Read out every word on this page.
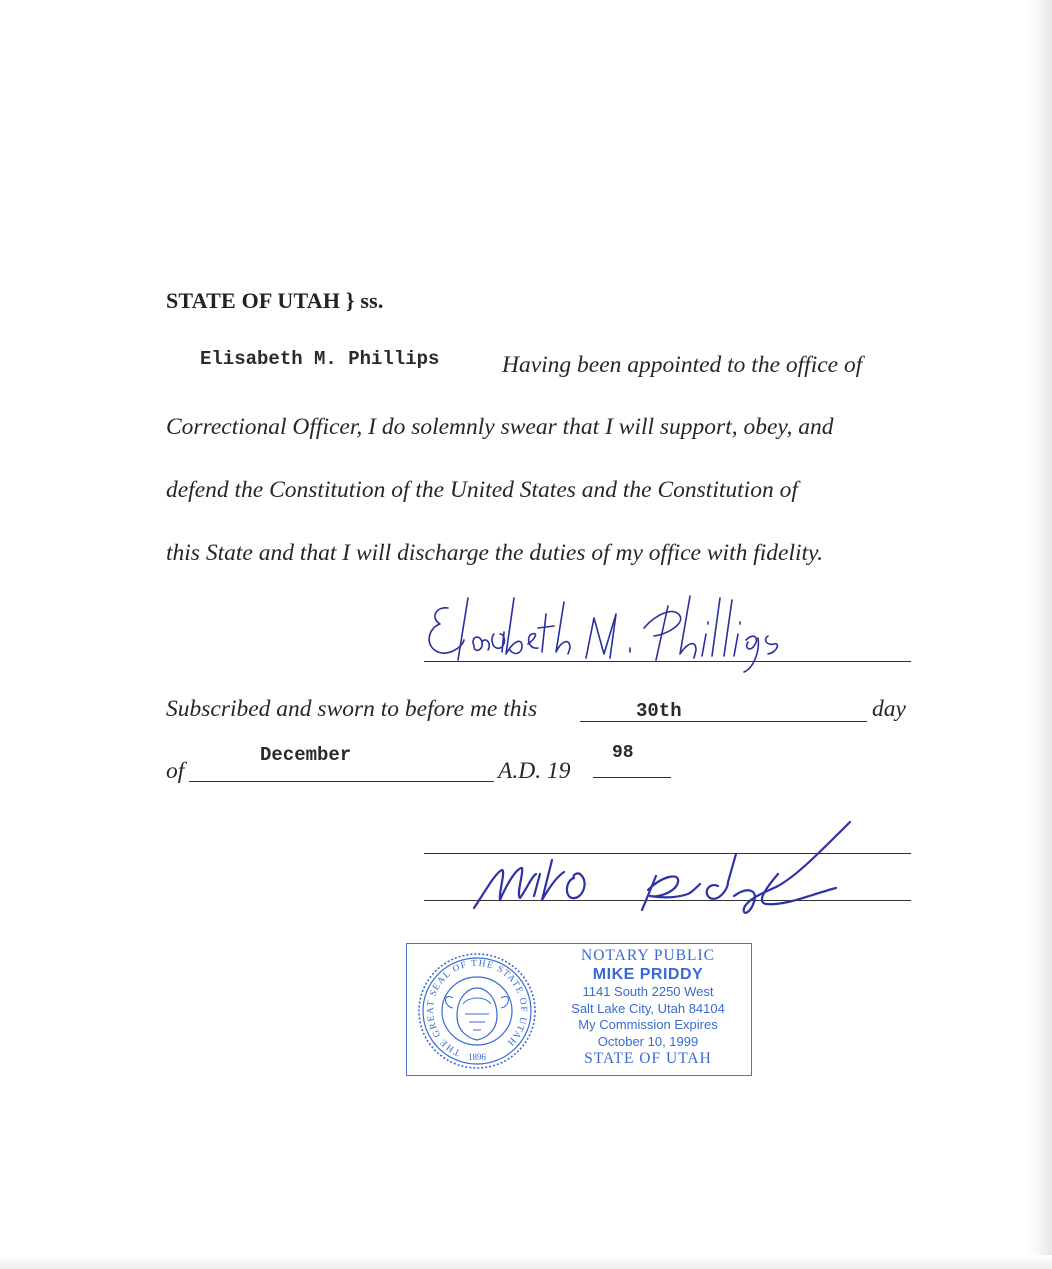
STATE OF UTAH } ss.
Elisabeth M. Phillips	Having been appointed to the office of
Correctional Officer, I do solemnly swear that I will support, obey, and
defend the Constitution of the United States and the Constitution of
this State and that I will discharge the duties of my office with fidelity.
Subscribed and sworn to before me this	30th	day
of
December
A.D. 19
98
THE GREAT SEAL OF THE STATE OF UTAH
1896
NOTARY PUBLIC
MIKE PRIDDY
1141 South 2250 West
Salt Lake City, Utah 84104
My Commission Expires
October 10, 1999
STATE OF UTAH
